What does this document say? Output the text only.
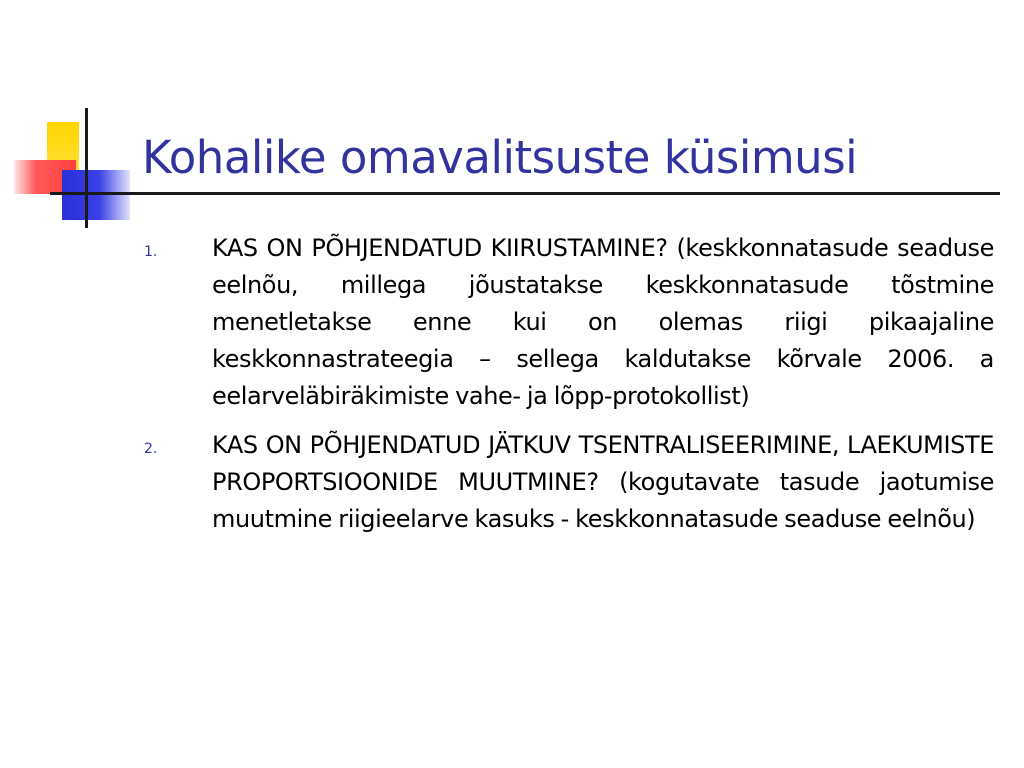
Kohalike omavalitsuste küsimusi
1. KAS ON PÕHJENDATUD KIIRUSTAMINE? (keskkonnatasude seaduse eelnõu, millega jõustatakse keskkonnatasude tõstmine menetletakse enne kui on olemas riigi pikaajaline keskkonnastrateegia – sellega kaldutakse kõrvale 2006. a eelarveläbiräkimiste vahe- ja lõpp-protokollist)
2. KAS ON PÕHJENDATUD JÄTKUV TSENTRALISEERIMINE, LAEKUMISTE PROPORTSIOONIDE MUUTMINE? (kogutavate tasude jaotumise muutmine riigieelarve kasuks - keskkonnatasude seaduse eelnõu)
